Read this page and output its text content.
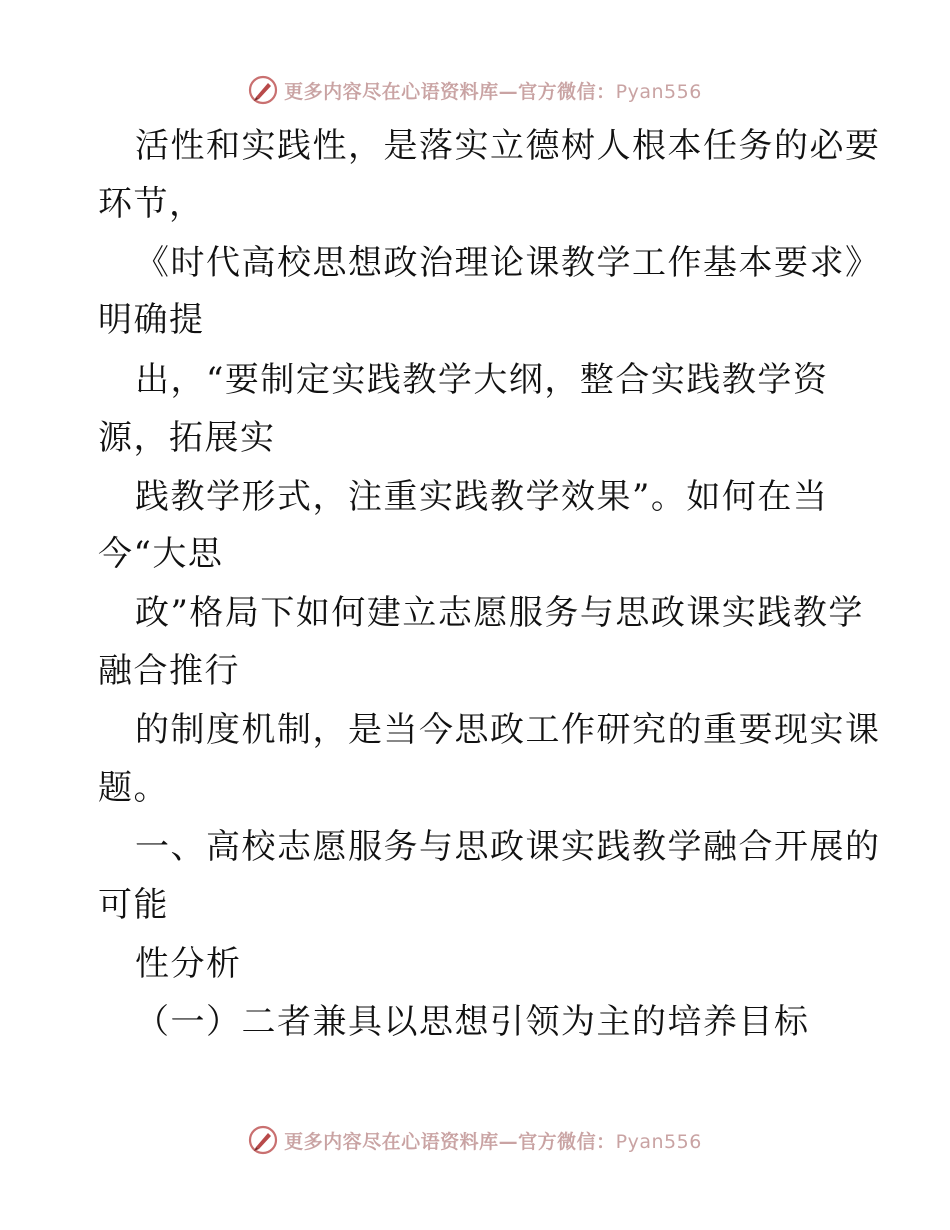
更多内容尽在心语资料库—官方微信：Pyan556
活性和实践性，是落实立德树人根本任务的必要
环节，
《时代高校思想政治理论课教学工作基本要求》
明确提
出，“要制定实践教学大纲，整合实践教学资
源，拓展实
践教学形式，注重实践教学效果”。如何在当
今“大思
政”格局下如何建立志愿服务与思政课实践教学
融合推行
的制度机制，是当今思政工作研究的重要现实课
题。
一、高校志愿服务与思政课实践教学融合开展的
可能
性分析
（一）二者兼具以思想引领为主的培养目标
更多内容尽在心语资料库—官方微信：Pyan556
